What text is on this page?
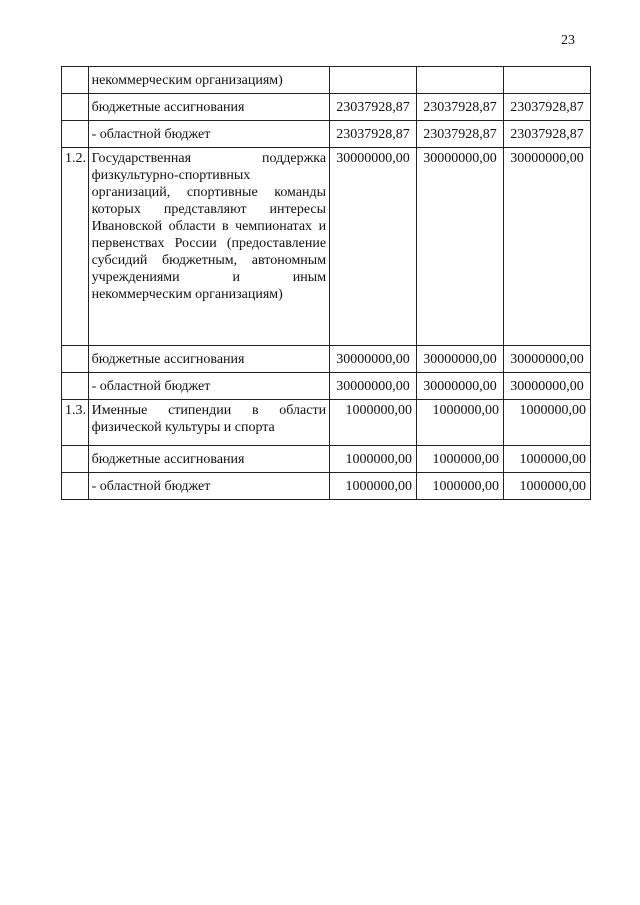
23
	некоммерческим организациям)			
	бюджетные ассигнования	23037928,87	23037928,87	23037928,87
	- областной бюджет	23037928,87	23037928,87	23037928,87
1.2.	Государственная поддержка физкультурно-спортивных организаций, спортивные команды которых представляют интересы Ивановской области в чемпионатах и первенствах России (предоставление субсидий бюджетным, автономным учреждениями и иным некоммерческим организациям)	30000000,00	30000000,00	30000000,00
	бюджетные ассигнования	30000000,00	30000000,00	30000000,00
	- областной бюджет	30000000,00	30000000,00	30000000,00
1.3.	Именные стипендии в области физической культуры и спорта	1000000,00	1000000,00	1000000,00
	бюджетные ассигнования	1000000,00	1000000,00	1000000,00
	- областной бюджет	1000000,00	1000000,00	1000000,00
